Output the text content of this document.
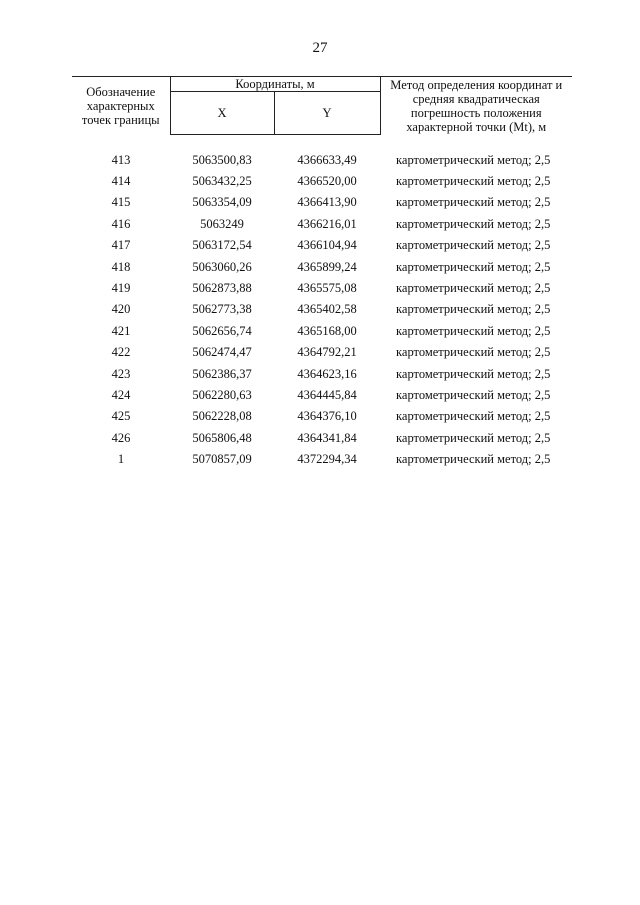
27
Обозначение характерных точек границы	Координаты, м		Метод определения координат и средняя квадратическая погрешность положения характерной точки (Mt), м
	X	Y	

413	5063500,83	4366633,49	картометрический метод; 2,5
414	5063432,25	4366520,00	картометрический метод; 2,5
415	5063354,09	4366413,90	картометрический метод; 2,5
416	5063249	4366216,01	картометрический метод; 2,5
417	5063172,54	4366104,94	картометрический метод; 2,5
418	5063060,26	4365899,24	картометрический метод; 2,5
419	5062873,88	4365575,08	картометрический метод; 2,5
420	5062773,38	4365402,58	картометрический метод; 2,5
421	5062656,74	4365168,00	картометрический метод; 2,5
422	5062474,47	4364792,21	картометрический метод; 2,5
423	5062386,37	4364623,16	картометрический метод; 2,5
424	5062280,63	4364445,84	картометрический метод; 2,5
425	5062228,08	4364376,10	картометрический метод; 2,5
426	5065806,48	4364341,84	картометрический метод; 2,5
1	5070857,09	4372294,34	картометрический метод; 2,5
